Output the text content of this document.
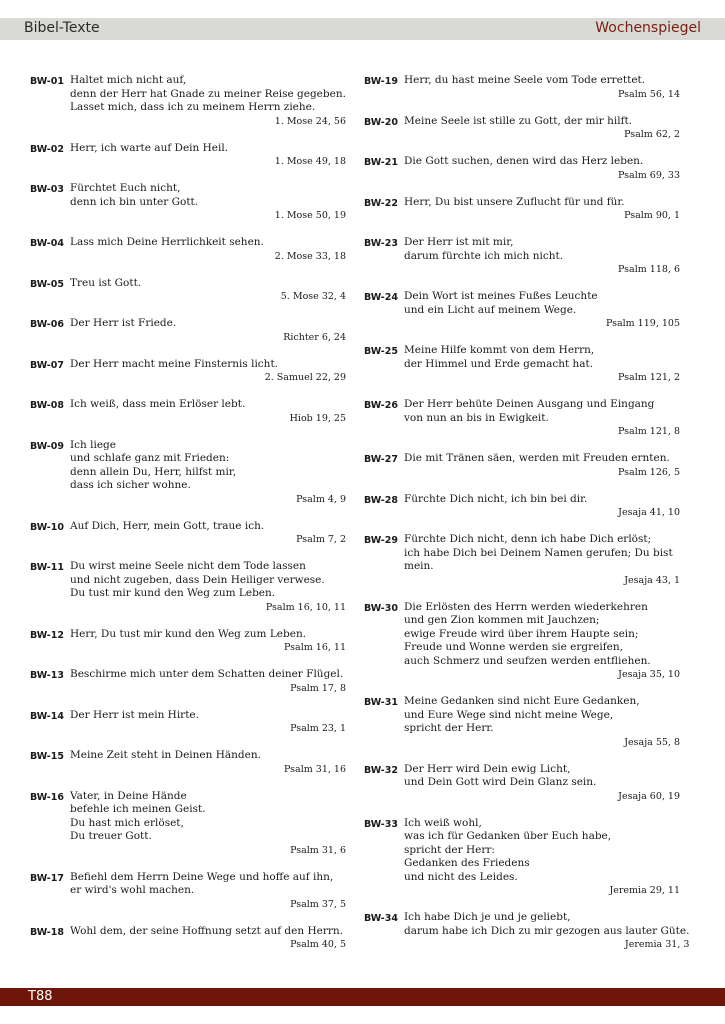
Bibel-Texte	Wochenspiegel
BW-01 Haltet mich nicht auf,
denn der Herr hat Gnade zu meiner Reise gegeben.
Lasset mich, dass ich zu meinem Herrn ziehe.
1. Mose 24, 56
BW-02 Herr, ich warte auf Dein Heil.
1. Mose 49, 18
BW-03 Fürchtet Euch nicht,
denn ich bin unter Gott.
1. Mose 50, 19
BW-04 Lass mich Deine Herrlichkeit sehen.
2. Mose 33, 18
BW-05 Treu ist Gott.
5. Mose 32, 4
BW-06 Der Herr ist Friede.
Richter 6, 24
BW-07 Der Herr macht meine Finsternis licht.
2. Samuel 22, 29
BW-08 Ich weiß, dass mein Erlöser lebt.
Hiob 19, 25
BW-09 Ich liege
und schlafe ganz mit Frieden:
denn allein Du, Herr, hilfst mir,
dass ich sicher wohne.
Psalm 4, 9
BW-10 Auf Dich, Herr, mein Gott, traue ich.
Psalm 7, 2
BW-11 Du wirst meine Seele nicht dem Tode lassen
und nicht zugeben, dass Dein Heiliger verwese.
Du tust mir kund den Weg zum Leben.
Psalm 16, 10, 11
BW-12 Herr, Du tust mir kund den Weg zum Leben.
Psalm 16, 11
BW-13 Beschirme mich unter dem Schatten deiner Flügel.
Psalm 17, 8
BW-14 Der Herr ist mein Hirte.
Psalm 23, 1
BW-15 Meine Zeit steht in Deinen Händen.
Psalm 31, 16
BW-16 Vater, in Deine Hände
befehle ich meinen Geist.
Du hast mich erlöset,
Du treuer Gott.
Psalm 31, 6
BW-17 Befiehl dem Herrn Deine Wege und hoffe auf ihn,
er wird's wohl machen.
Psalm 37, 5
BW-18 Wohl dem, der seine Hoffnung setzt auf den Herrn.
Psalm 40, 5
BW-19 Herr, du hast meine Seele vom Tode errettet.
Psalm 56, 14
BW-20 Meine Seele ist stille zu Gott, der mir hilft.
Psalm 62, 2
BW-21 Die Gott suchen, denen wird das Herz leben.
Psalm 69, 33
BW-22 Herr, Du bist unsere Zuflucht für und für.
Psalm 90, 1
BW-23 Der Herr ist mit mir,
darum fürchte ich mich nicht.
Psalm 118, 6
BW-24 Dein Wort ist meines Fußes Leuchte
und ein Licht auf meinem Wege.
Psalm 119, 105
BW-25 Meine Hilfe kommt von dem Herrn,
der Himmel und Erde gemacht hat.
Psalm 121, 2
BW-26 Der Herr behüte Deinen Ausgang und Eingang
von nun an bis in Ewigkeit.
Psalm 121, 8
BW-27 Die mit Tränen säen, werden mit Freuden ernten.
Psalm 126, 5
BW-28 Fürchte Dich nicht, ich bin bei dir.
Jesaja 41, 10
BW-29 Fürchte Dich nicht, denn ich habe Dich erlöst;
ich habe Dich bei Deinem Namen gerufen; Du bist
mein.
Jesaja 43, 1
BW-30 Die Erlösten des Herrn werden wiederkehren
und gen Zion kommen mit Jauchzen;
ewige Freude wird über ihrem Haupte sein;
Freude und Wonne werden sie ergreifen,
auch Schmerz und seufzen werden entfliehen.
Jesaja 35, 10
BW-31 Meine Gedanken sind nicht Eure Gedanken,
und Eure Wege sind nicht meine Wege,
spricht der Herr.
Jesaja 55, 8
BW-32 Der Herr wird Dein ewig Licht,
und Dein Gott wird Dein Glanz sein.
Jesaja 60, 19
BW-33 Ich weiß wohl,
was ich für Gedanken über Euch habe,
spricht der Herr:
Gedanken des Friedens
und nicht des Leides.
Jeremia 29, 11
BW-34 Ich habe Dich je und je geliebt,
darum habe ich Dich zu mir gezogen aus lauter Güte.
Jeremia 31, 3
T88
